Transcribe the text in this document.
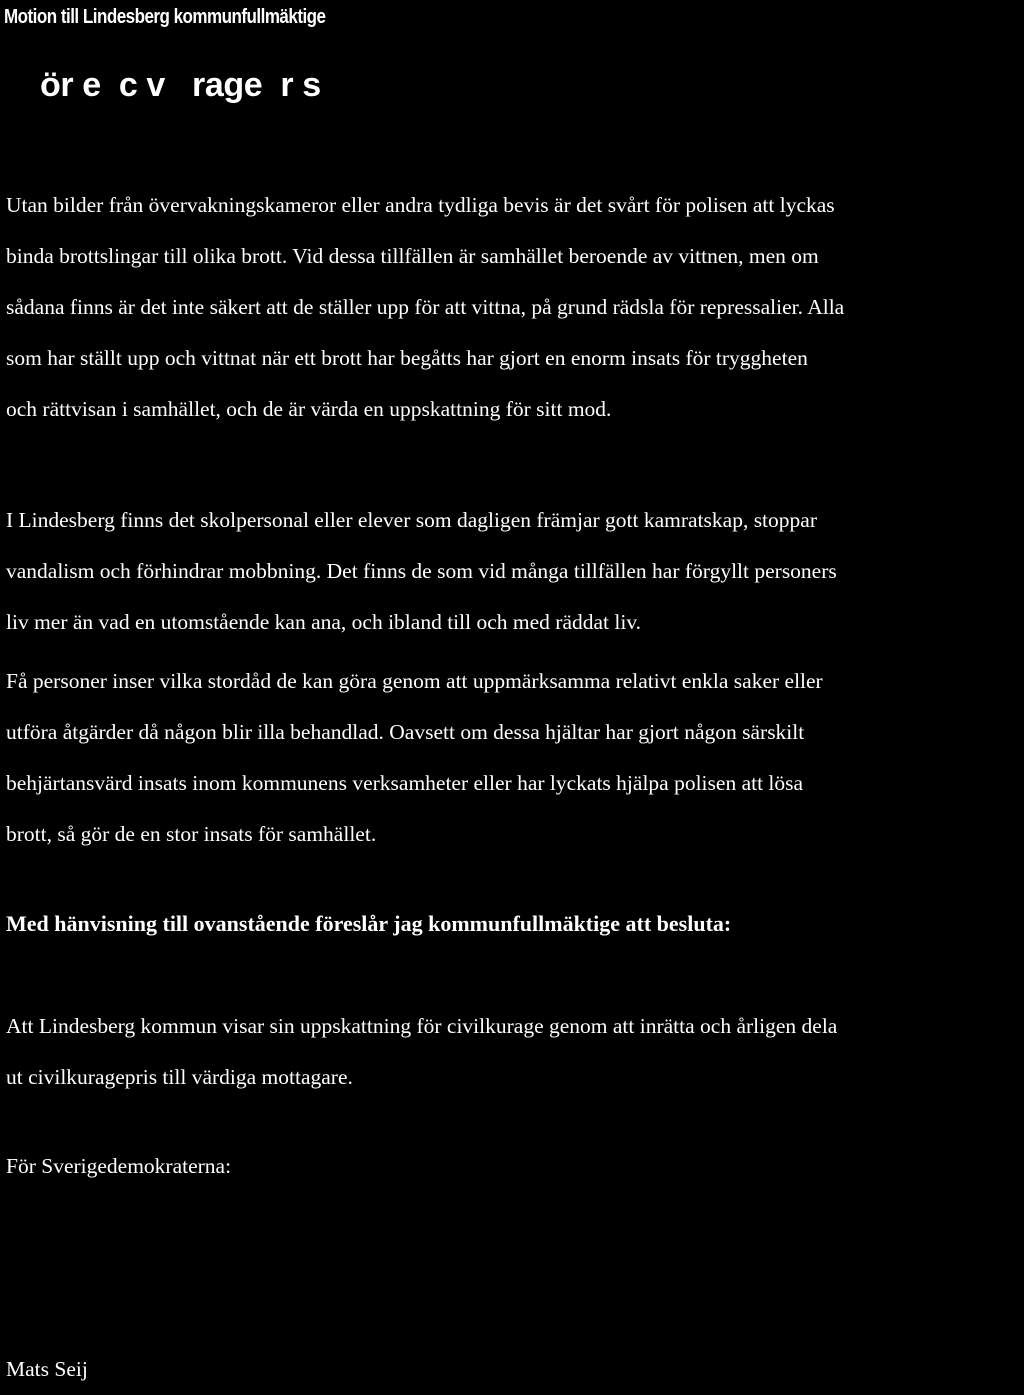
Motion till Lindesberg kommunfullmäktige
ör e  c v   rage  r s

Utan bilder från övervakningskameror eller andra tydliga bevis är det svårt för polisen att lyckas
binda brottslingar till olika brott. Vid dessa tillfällen är samhället beroende av vittnen, men om
sådana finns är det inte säkert att de ställer upp för att vittna, på grund rädsla för repressalier. Alla
som har ställt upp och vittnat när ett brott har begåtts har gjort en enorm insats för tryggheten
och rättvisan i samhället, och de är värda en uppskattning för sitt mod.

I Lindesberg finns det skolpersonal eller elever som dagligen främjar gott kamratskap, stoppar
vandalism och förhindrar mobbning. Det finns de som vid många tillfällen har förgyllt personers
liv mer än vad en utomstående kan ana, och ibland till och med räddat liv.

Få personer inser vilka stordåd de kan göra genom att uppmärksamma relativt enkla saker eller
utföra åtgärder då någon blir illa behandlad. Oavsett om dessa hjältar har gjort någon särskilt
behjärtansvärd insats inom kommunens verksamheter eller har lyckats hjälpa polisen att lösa
brott, så gör de en stor insats för samhället.

Med hänvisning till ovanstående föreslår jag kommunfullmäktige att besluta:

Att Lindesberg kommun visar sin uppskattning för civilkurage genom att inrätta och årligen dela
ut civilkuragepris till värdiga mottagare.

För Sverigedemokraterna:

Mats Seij
